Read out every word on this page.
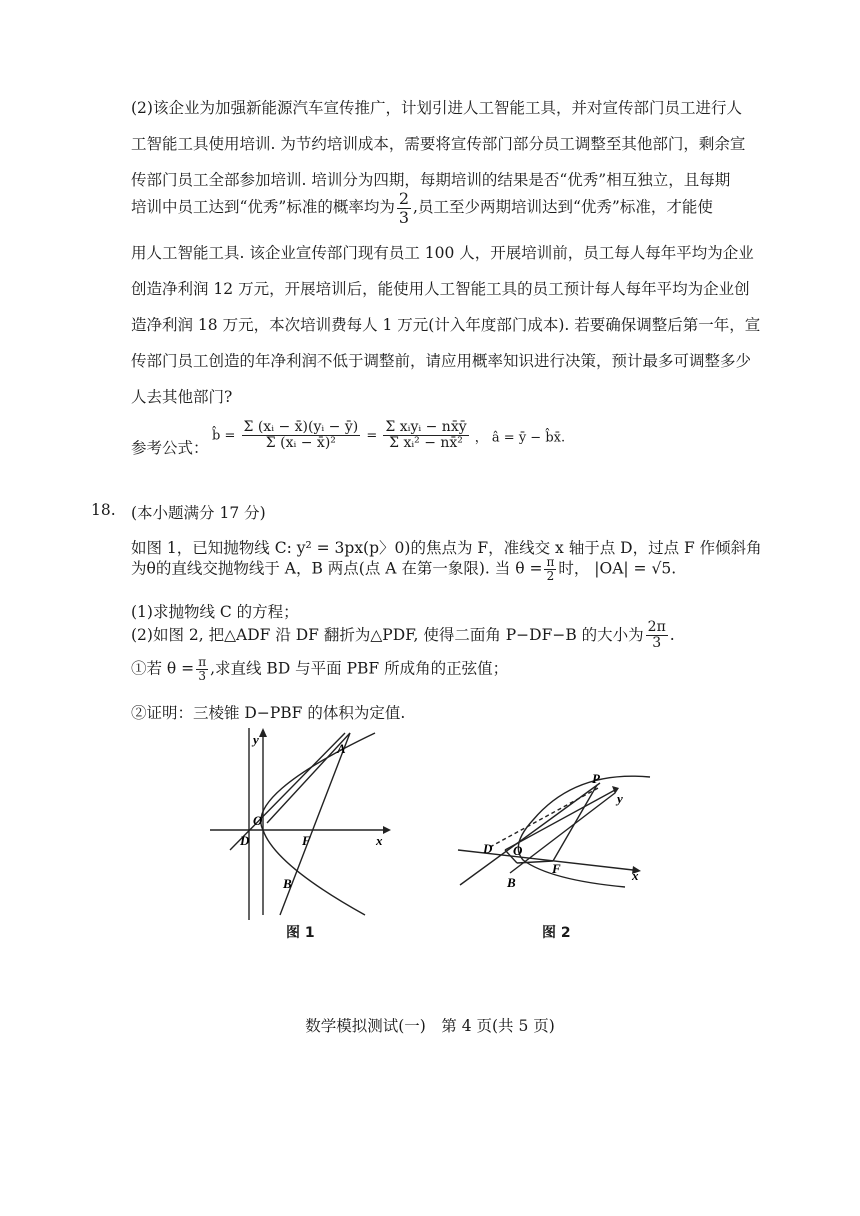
(2)该企业为加强新能源汽车宣传推广，计划引进人工智能工具，并对宣传部门员工进行人
工智能工具使用培训. 为节约培训成本，需要将宣传部门部分员工调整至其他部门，剩余宣
传部门员工全部参加培训. 培训分为四期，每期培训的结果是否“优秀”相互独立，且每期
培训中员工达到“优秀”标准的概率均为 $\frac{2}{3}$ ,员工至少两期培训达到“优秀”标准，才能使
用人工智能工具. 该企业宣传部门现有员工 100 人，开展培训前，员工每人每年平均为企业
创造净利润 12 万元，开展培训后，能使用人工智能工具的员工预计每人每年平均为企业创
造净利润 18 万元，本次培训费每人 1 万元(计入年度部门成本). 若要确保调整后第一年，宣
传部门员工创造的年净利润不低于调整前，请应用概率知识进行决策，预计最多可调整多少
人去其他部门?
参考公式：
b̂ = $\frac{\text{Σ (xᵢ − x̄)(yᵢ − ȳ)}}{\text{Σ (xᵢ − x̄)²}} = \frac{\text{Σ xᵢyᵢ − nx̄ȳ}}{\text{Σ xᵢ² − nx̄²}}$ ， â = ȳ − b̂x̄.
18. (本小题满分 17 分)
如图 1，已知抛物线 C: y² = 3px(p〉0)的焦点为 F，准线交 x 轴于点 D，过点 F 作倾斜角
为θ的直线交抛物线于 A，B 两点(点 A 在第一象限). 当 $\theta = \frac{\pi}{2}$ 时， |OA| = √5.
(1)求抛物线 C 的方程；
(2)如图 2, 把△ADF 沿 DF 翻折为△PDF, 使得二面角 P−DF−B 的大小为 $\frac{2\pi}{3}$ .
①若 $\theta = \frac{\pi}{3}$ ,求直线 BD 与平面 PBF 所成角的正弦值；
②证明：三棱锥 D−PBF 的体积为定值.
y
x
A
O
D	F
B
图 1
P
y
D O
F
B	x
图 2
数学模拟测试(一)　第 4 页(共 5 页)
